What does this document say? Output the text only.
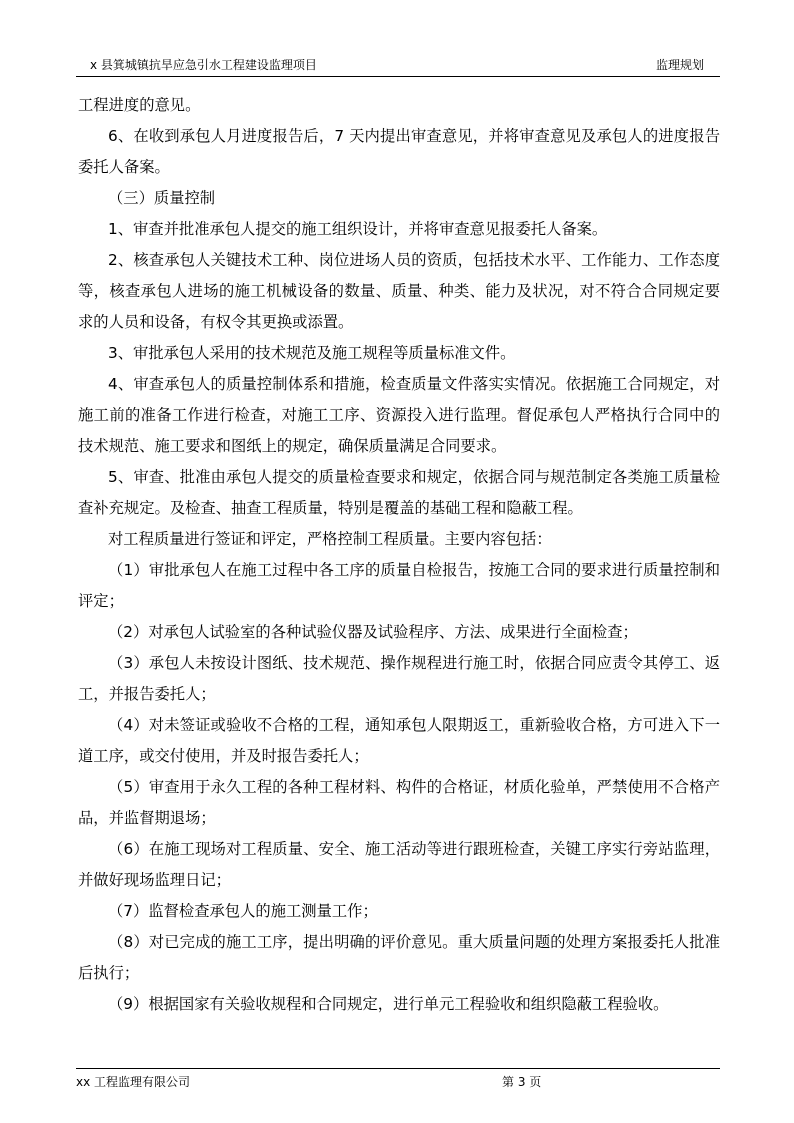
x 县箕城镇抗旱应急引水工程建设监理项目	监理规划

工程进度的意见。

6、在收到承包人月进度报告后，7 天内提出审查意见，并将审查意见及承包人的进度报告委托人备案。

（三）质量控制

1、审查并批准承包人提交的施工组织设计，并将审查意见报委托人备案。

2、核查承包人关键技术工种、岗位进场人员的资质，包括技术水平、工作能力、工作态度等，核查承包人进场的施工机械设备的数量、质量、种类、能力及状况，对不符合合同规定要求的人员和设备，有权令其更换或添置。

3、审批承包人采用的技术规范及施工规程等质量标准文件。

4、审查承包人的质量控制体系和措施，检查质量文件落实实情况。依据施工合同规定，对施工前的准备工作进行检查，对施工工序、资源投入进行监理。督促承包人严格执行合同中的技术规范、施工要求和图纸上的规定，确保质量满足合同要求。

5、审查、批准由承包人提交的质量检查要求和规定，依据合同与规范制定各类施工质量检查补充规定。及检查、抽查工程质量，特别是覆盖的基础工程和隐蔽工程。

对工程质量进行签证和评定，严格控制工程质量。主要内容包括：

（1）审批承包人在施工过程中各工序的质量自检报告，按施工合同的要求进行质量控制和评定；

（2）对承包人试验室的各种试验仪器及试验程序、方法、成果进行全面检查；

（3）承包人未按设计图纸、技术规范、操作规程进行施工时，依据合同应责令其停工、返工，并报告委托人；

（4）对未签证或验收不合格的工程，通知承包人限期返工，重新验收合格，方可进入下一道工序，或交付使用，并及时报告委托人；

（5）审查用于永久工程的各种工程材料、构件的合格证，材质化验单，严禁使用不合格产品，并监督期退场；

（6）在施工现场对工程质量、安全、施工活动等进行跟班检查，关键工序实行旁站监理，并做好现场监理日记；

（7）监督检查承包人的施工测量工作；

（8）对已完成的施工工序，提出明确的评价意见。重大质量问题的处理方案报委托人批准后执行；

（9）根据国家有关验收规程和合同规定，进行单元工程验收和组织隐蔽工程验收。

xx 工程监理有限公司	第 3 页
